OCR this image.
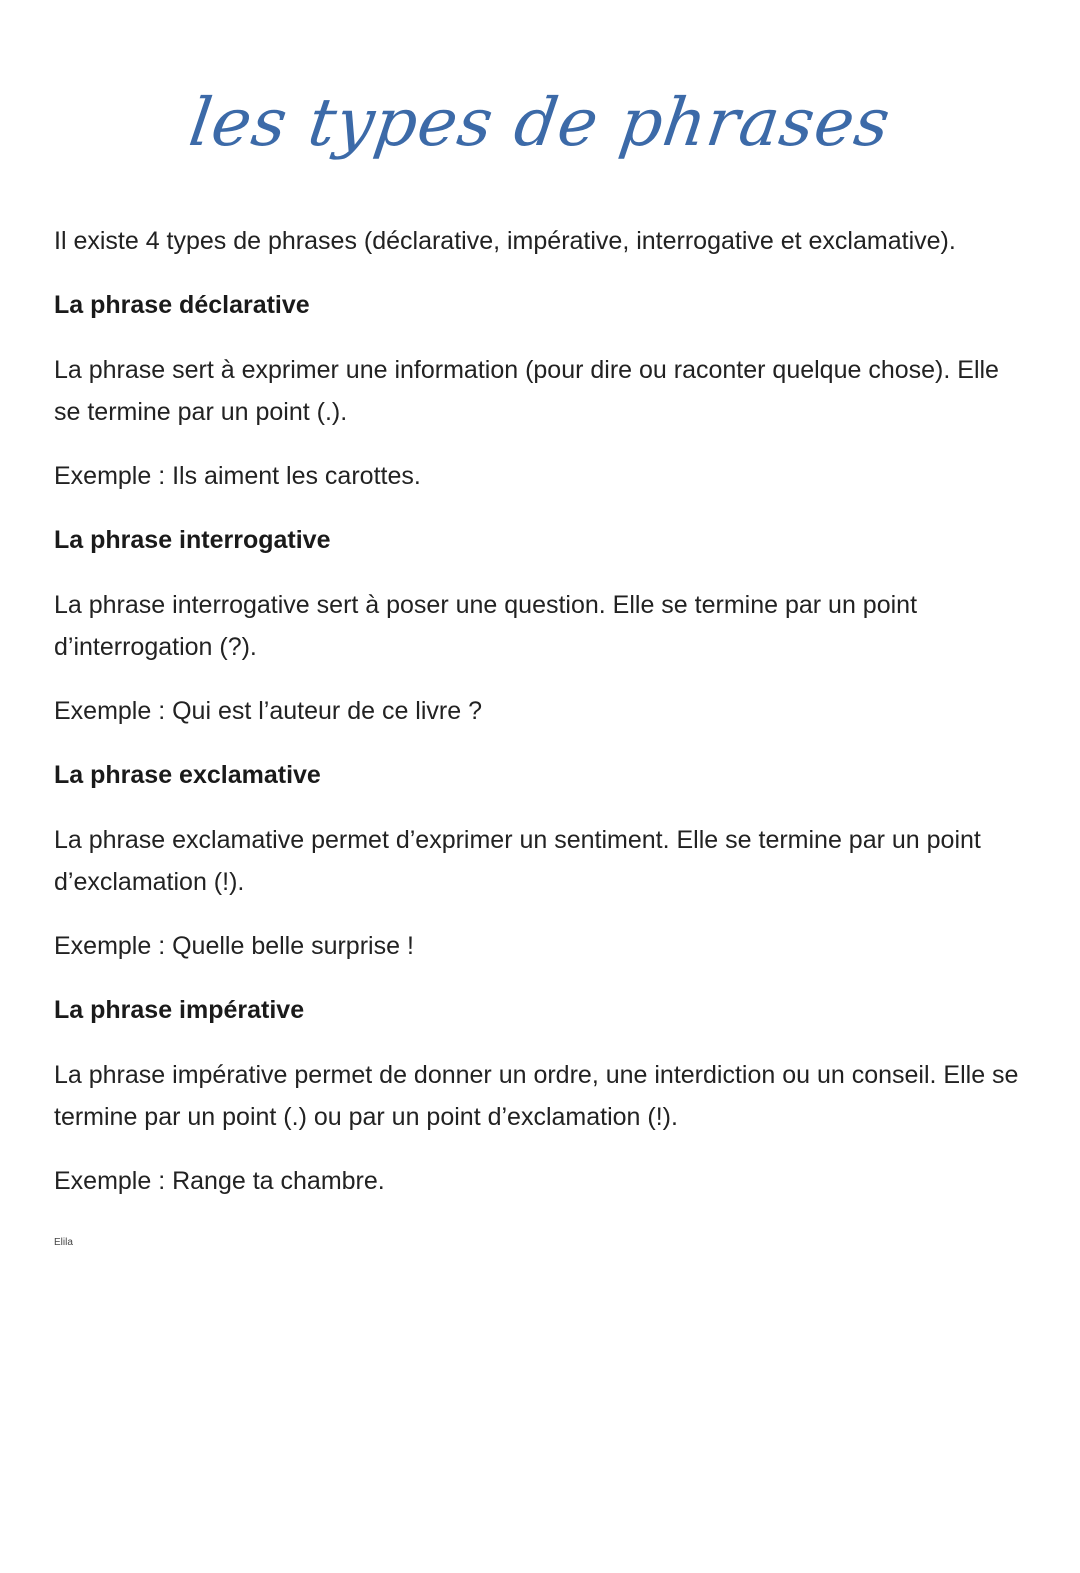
les types de phrases

Il existe 4 types de phrases (déclarative, impérative, interrogative et exclamative).

La phrase déclarative

La phrase sert à exprimer une information (pour dire ou raconter quelque chose). Elle se termine par un point (.).

Exemple : Ils aiment les carottes.

La phrase interrogative

La phrase interrogative sert à poser une question. Elle se termine par un point d’interrogation (?).

Exemple : Qui est l’auteur de ce livre ?

La phrase exclamative

La phrase exclamative permet d’exprimer un sentiment. Elle se termine par un point d’exclamation (!).

Exemple : Quelle belle surprise !

La phrase impérative

La phrase impérative permet de donner un ordre, une interdiction ou un conseil. Elle se termine par un point (.) ou par un point d’exclamation (!).

Exemple : Range ta chambre.

Elila
